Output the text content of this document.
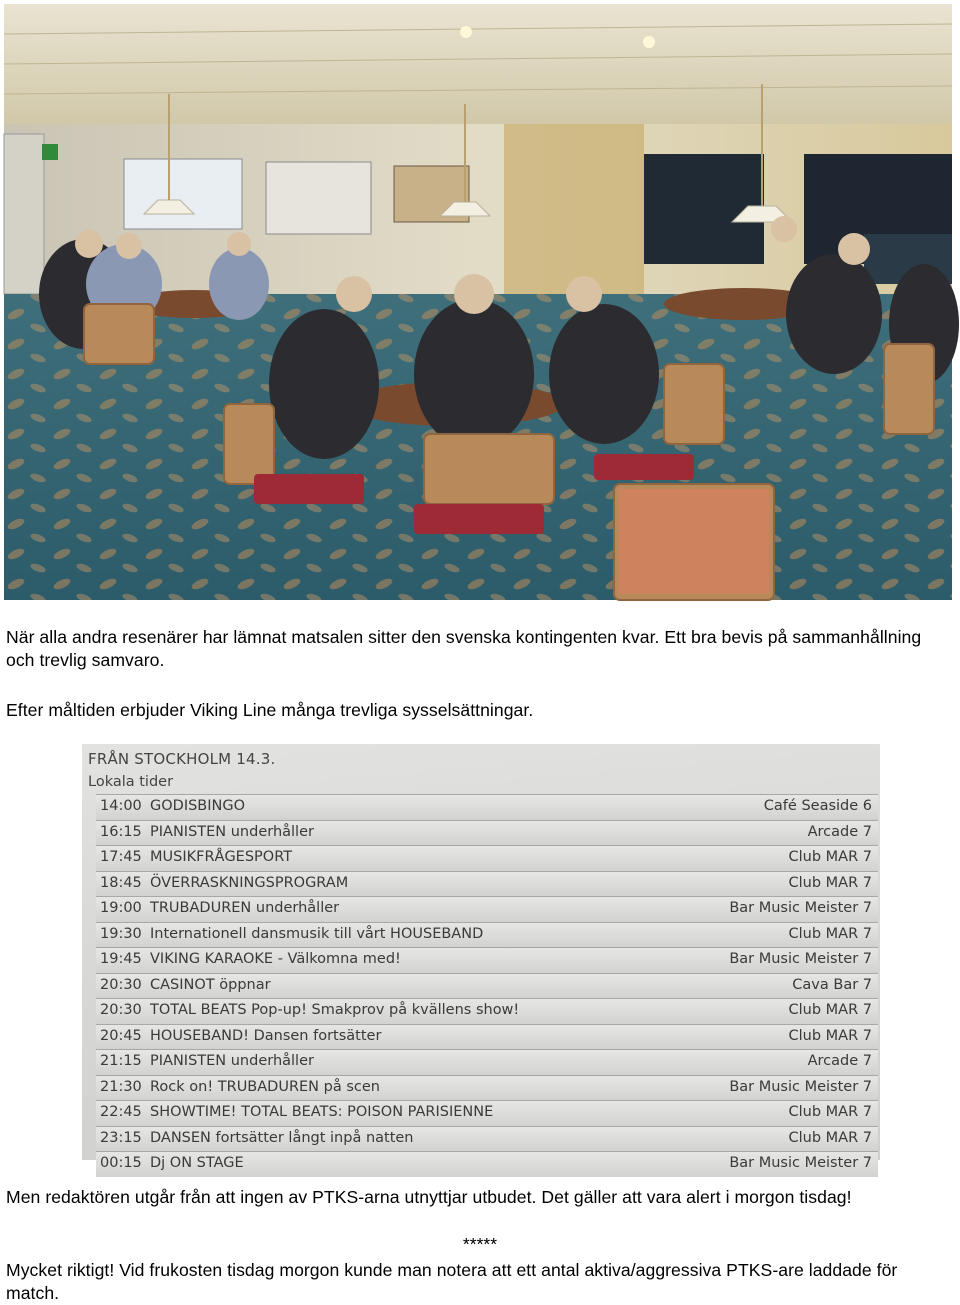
När alla andra resenärer har lämnat matsalen sitter den svenska kontingenten kvar. Ett bra bevis på sammanhållning och trevlig samvaro.
Efter måltiden erbjuder Viking Line många trevliga sysselsättningar.
FRÅN STOCKHOLM 14.3.
Lokala tider
14:00 GODISBINGO	Café Seaside 6
16:15 PIANISTEN underhåller	Arcade 7
17:45 MUSIKFRÅGESPORT	Club MAR 7
18:45 ÖVERRASKNINGSPROGRAM	Club MAR 7
19:00 TRUBADUREN underhåller	Bar Music Meister 7
19:30 Internationell dansmusik till vårt HOUSEBAND	Club MAR 7
19:45 VIKING KARAOKE - Välkomna med!	Bar Music Meister 7
20:30 CASINOT öppnar	Cava Bar 7
20:30 TOTAL BEATS Pop-up! Smakprov på kvällens show!	Club MAR 7
20:45 HOUSEBAND! Dansen fortsätter	Club MAR 7
21:15 PIANISTEN underhåller	Arcade 7
21:30 Rock on! TRUBADUREN på scen	Bar Music Meister 7
22:45 SHOWTIME! TOTAL BEATS: POISON PARISIENNE	Club MAR 7
23:15 DANSEN fortsätter långt inpå natten	Club MAR 7
00:15 Dj ON STAGE	Bar Music Meister 7
Men redaktören utgår från att ingen av PTKS-arna utnyttjar utbudet. Det gäller att vara alert i morgon tisdag!
*****
Mycket riktigt! Vid frukosten tisdag morgon kunde man notera att ett antal aktiva/aggressiva PTKS-are laddade för match.
